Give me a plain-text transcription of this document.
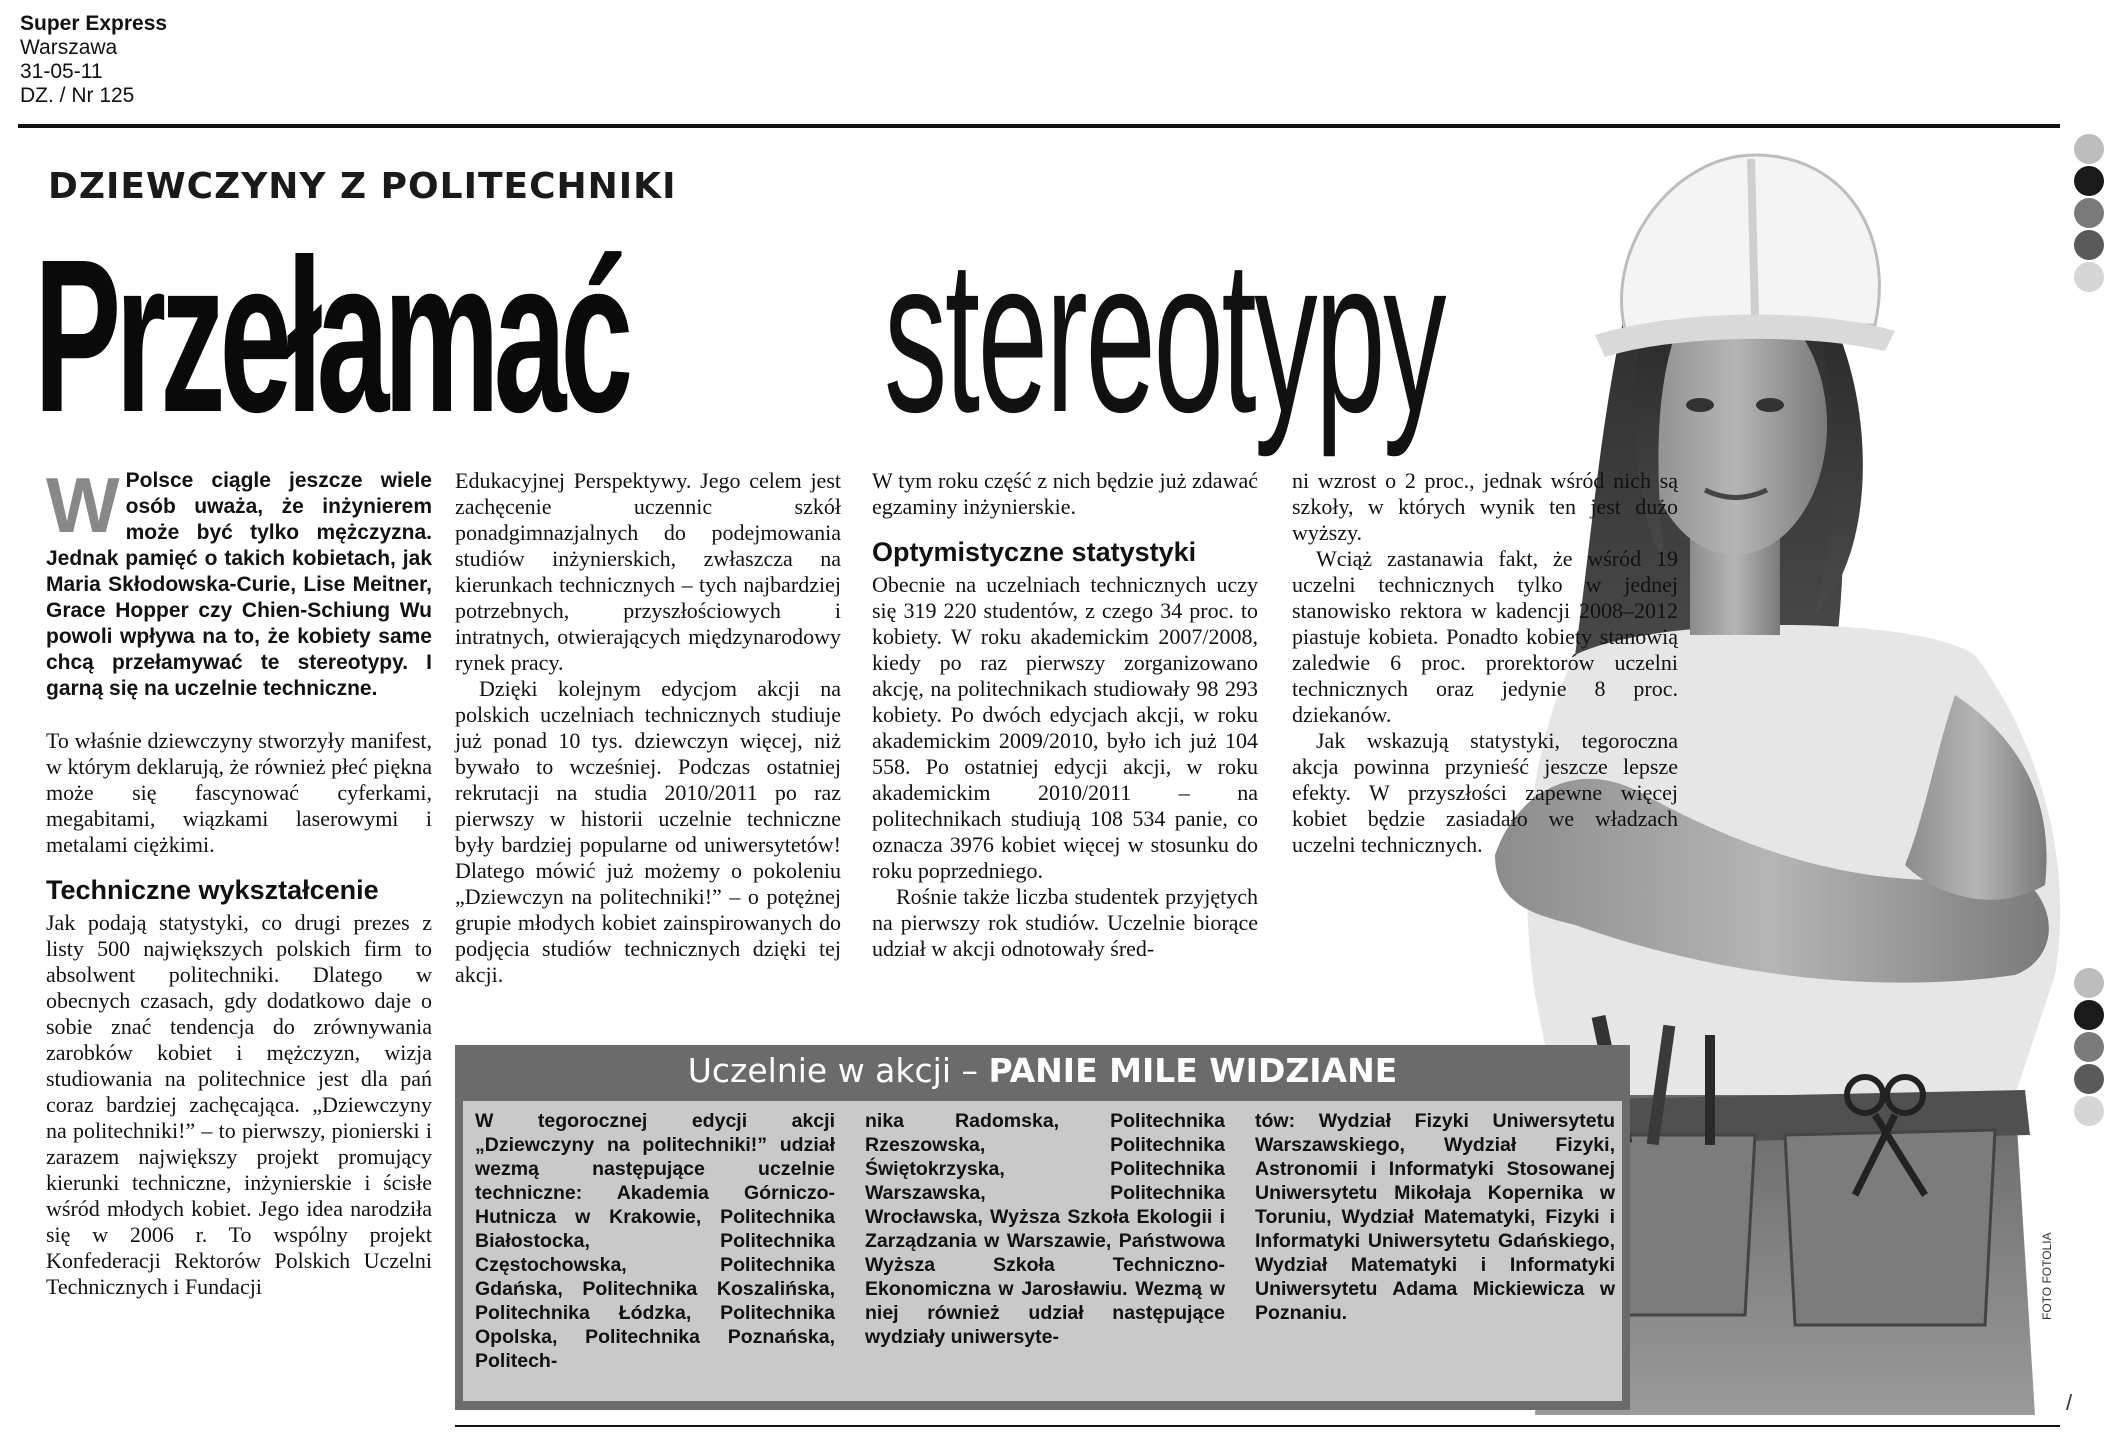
Super Express
Warszawa
31-05-11
DZ. / Nr 125
FOTO FOTOLIA
/
DZIEWCZYNY Z POLITECHNIKI
Przełamać stereotypy
W Polsce ciągle jeszcze wiele osób uważa, że inżynierem może być tylko mężczyzna. Jednak pamięć o takich kobietach, jak Maria Skłodowska-Curie, Lise Meitner, Grace Hopper czy Chien-Schiung Wu powoli wpływa na to, że kobiety same chcą przełamywać te stereotypy. I garną się na uczelnie techniczne.

To właśnie dziewczyny stworzyły manifest, w którym deklarują, że również płeć piękna może się fascynować cyferkami, megabitami, wiązkami laserowymi i metalami ciężkimi.

Techniczne wykształcenie

Jak podają statystyki, co drugi prezes z listy 500 największych polskich firm to absolwent politechniki. Dlatego w obecnych czasach, gdy dodatkowo daje o sobie znać tendencja do zrównywania zarobków kobiet i mężczyzn, wizja studiowania na politechnice jest dla pań coraz bardziej zachęcająca. „Dziewczyny na politechniki!” – to pierwszy, pionierski i zarazem największy projekt promujący kierunki techniczne, inżynierskie i ścisłe wśród młodych kobiet. Jego idea narodziła się w 2006 r. To wspólny projekt Konfederacji Rektorów Polskich Uczelni Technicznych i Fundacji

Edukacyjnej Perspektywy. Jego celem jest zachęcenie uczennic szkół ponadgimnazjalnych do podejmowania studiów inżynierskich, zwłaszcza na kierunkach technicznych – tych najbardziej potrzebnych, przyszłościowych i intratnych, otwierających międzynarodowy rynek pracy.

Dzięki kolejnym edycjom akcji na polskich uczelniach technicznych studiuje już ponad 10 tys. dziewczyn więcej, niż bywało to wcześniej. Podczas ostatniej rekrutacji na studia 2010/2011 po raz pierwszy w historii uczelnie techniczne były bardziej popularne od uniwersytetów! Dlatego mówić już możemy o pokoleniu „Dziewczyn na politechniki!” – o potężnej grupie młodych kobiet zainspirowanych do podjęcia studiów technicznych dzięki tej akcji.

W tym roku część z nich będzie już zdawać egzaminy inżynierskie.

Optymistyczne statystyki

Obecnie na uczelniach technicznych uczy się 319 220 studentów, z czego 34 proc. to kobiety. W roku akademickim 2007/2008, kiedy po raz pierwszy zorganizowano akcję, na politechnikach studiowały 98 293 kobiety. Po dwóch edycjach akcji, w roku akademickim 2009/2010, było ich już 104 558. Po ostatniej edycji akcji, w roku akademickim 2010/2011 – na politechnikach studiują 108 534 panie, co oznacza 3976 kobiet więcej w stosunku do roku poprzedniego.

Rośnie także liczba studentek przyjętych na pierwszy rok studiów. Uczelnie biorące udział w akcji odnotowały śred-

ni wzrost o 2 proc., jednak wśród nich są szkoły, w których wynik ten jest dużo wyższy.

Wciąż zastanawia fakt, że wśród 19 uczelni technicznych tylko w jednej stanowisko rektora w kadencji 2008–2012 piastuje kobieta. Ponadto kobiety stanowią zaledwie 6 proc. prorektorów uczelni technicznych oraz jedynie 8 proc. dziekanów.

Jak wskazują statystyki, tegoroczna akcja powinna przynieść jeszcze lepsze efekty. W przyszłości zapewne więcej kobiet będzie zasiadało we władzach uczelni technicznych.

Uczelnie w akcji – PANIE MILE WIDZIANE
W tegorocznej edycji akcji „Dziewczyny na politechniki!” udział wezmą następujące uczelnie techniczne: Akademia Górniczo-Hutnicza w Krakowie, Politechnika Białostocka, Politechnika Częstochowska, Politechnika Gdańska, Politechnika Koszalińska, Politechnika Łódzka, Politechnika Opolska, Politechnika Poznańska, Politech-
nika Radomska, Politechnika Rzeszowska, Politechnika Świętokrzyska, Politechnika Warszawska, Politechnika Wrocławska, Wyższa Szkoła Ekologii i Zarządzania w Warszawie, Państwowa Wyższa Szkoła Techniczno-Ekonomiczna w Jarosławiu. Wezmą w niej również udział następujące wydziały uniwersyte-
tów: Wydział Fizyki Uniwersytetu Warszawskiego, Wydział Fizyki, Astronomii i Informatyki Stosowanej Uniwersytetu Mikołaja Kopernika w Toruniu, Wydział Matematyki, Fizyki i Informatyki Uniwersytetu Gdańskiego, Wydział Matematyki i Informatyki Uniwersytetu Adama Mickiewicza w Poznaniu.
